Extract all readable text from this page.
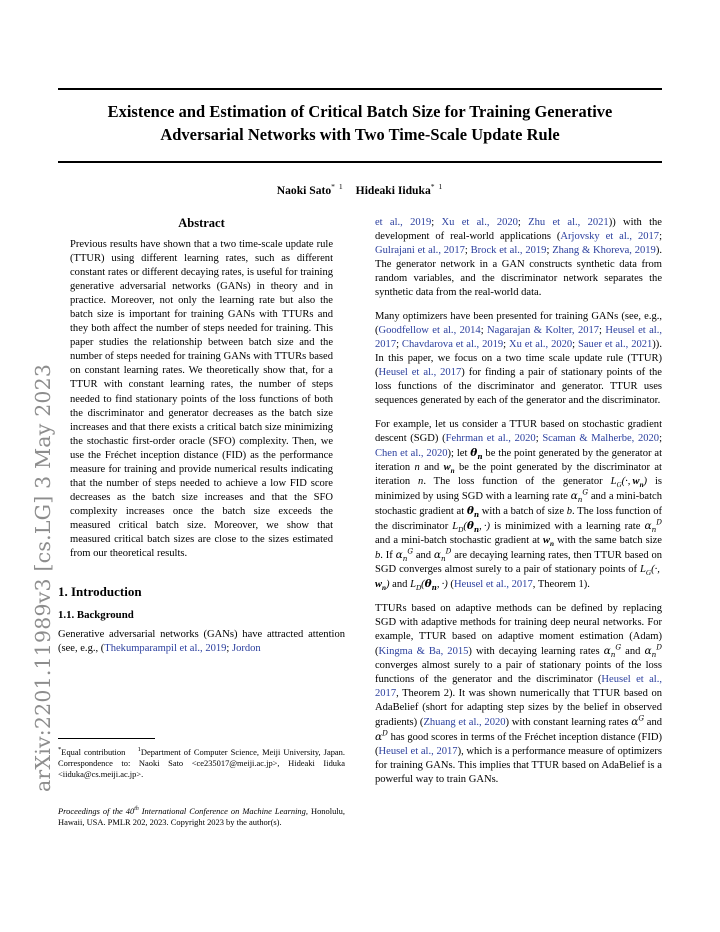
arXiv:2201.11989v3 [cs.LG] 3 May 2023
Existence and Estimation of Critical Batch Size for Training Generative Adversarial Networks with Two Time-Scale Update Rule
Naoki Sato$^{* 1}$ Hideaki Iiduka$^{* 1}$
Abstract

Previous results have shown that a two time-scale update rule (TTUR) using different learning rates, such as different constant rates or different decaying rates, is useful for training generative adversarial networks (GANs) in theory and in practice. Moreover, not only the learning rate but also the batch size is important for training GANs with TTURs and they both affect the number of steps needed for training. This paper studies the relationship between batch size and the number of steps needed for training GANs with TTURs based on constant learning rates. We theoretically show that, for a TTUR with constant learning rates, the number of steps needed to find stationary points of the loss functions of both the discriminator and generator decreases as the batch size increases and that there exists a critical batch size minimizing the stochastic first-order oracle (SFO) complexity. Then, we use the Fréchet inception distance (FID) as the performance measure for training and provide numerical results indicating that the number of steps needed to achieve a low FID score decreases as the batch size increases and that the SFO complexity increases once the batch size exceeds the measured critical batch size. Moreover, we show that measured critical batch sizes are close to the sizes estimated from our theoretical results.

1. Introduction
1.1. Background

Generative adversarial networks (GANs) have attracted attention (see, e.g., (Thekumparampil et al., 2019; Jordon

et al., 2019; Xu et al., 2020; Zhu et al., 2021)) with the development of real-world applications (Arjovsky et al., 2017; Gulrajani et al., 2017; Brock et al., 2019; Zhang & Khoreva, 2019). The generator network in a GAN constructs synthetic data from random variables, and the discriminator network separates the synthetic data from the real-world data.

Many optimizers have been presented for training GANs (see, e.g., (Goodfellow et al., 2014; Nagarajan & Kolter, 2017; Heusel et al., 2017; Chavdarova et al., 2019; Xu et al., 2020; Sauer et al., 2021)). In this paper, we focus on a two time scale update rule (TTUR) (Heusel et al., 2017) for finding a pair of stationary points of the loss functions of the discriminator and generator. TTUR uses sequences generated by each of the generator and the discriminator.

For example, let us consider a TTUR based on stochastic gradient descent (SGD) (Fehrman et al., 2020; Scaman & Malherbe, 2020; Chen et al., 2020); let $\theta_n$ be the point generated by the generator at iteration n and $w_n$ be the point generated by the discriminator at iteration n. The loss function of the generator $L_G(\cdot$, $w_n$) is minimized by using SGD with a learning rate $\alpha_n^G$ and a mini-batch stochastic gradient at $\theta_n$ with a batch of size b. The loss function of the discriminator $L_D(\theta_n$, ·) is minimized with a learning rate $\alpha_n^D$ and a mini-batch stochastic gradient at $w_n$ with the same batch size b. If $\alpha_n^G$ and $\alpha_n^D$ are decaying learning rates, then TTUR based on SGD converges almost surely to a pair of stationary points of $L_G(\cdot$, $w_n$) and $L_D(\theta_n$, ·) (Heusel et al., 2017, Theorem 1).

TTURs based on adaptive methods can be defined by replacing SGD with adaptive methods for training deep neural networks. For example, TTUR based on adaptive moment estimation (Adam) (Kingma & Ba, 2015) with decaying learning rates $\alpha_n^G$ and $\alpha_n^D$ converges almost surely to a pair of stationary points of the loss functions of the generator and the discriminator (Heusel et al., 2017, Theorem 2). It was shown numerically that TTUR based on AdaBelief (short for adapting step sizes by the belief in observed gradients) (Zhuang et al., 2020) with constant learning rates $\alpha^G$ and $\alpha^D$ has good scores in terms of the Fréchet inception distance (FID) (Heusel et al., 2017), which is a performance measure of optimizers for training GANs. This implies that TTUR based on AdaBelief is a powerful way to train GANs.

*Equal contribution $^1$Department of Computer Science, Meiji University, Japan. Correspondence to: Naoki Sato <ce235017@meiji.ac.jp>, Hideaki Iiduka <iiduka@cs.meiji.ac.jp>.

Proceedings of the 40th International Conference on Machine Learning, Honolulu, Hawaii, USA. PMLR 202, 2023. Copyright 2023 by the author(s).
